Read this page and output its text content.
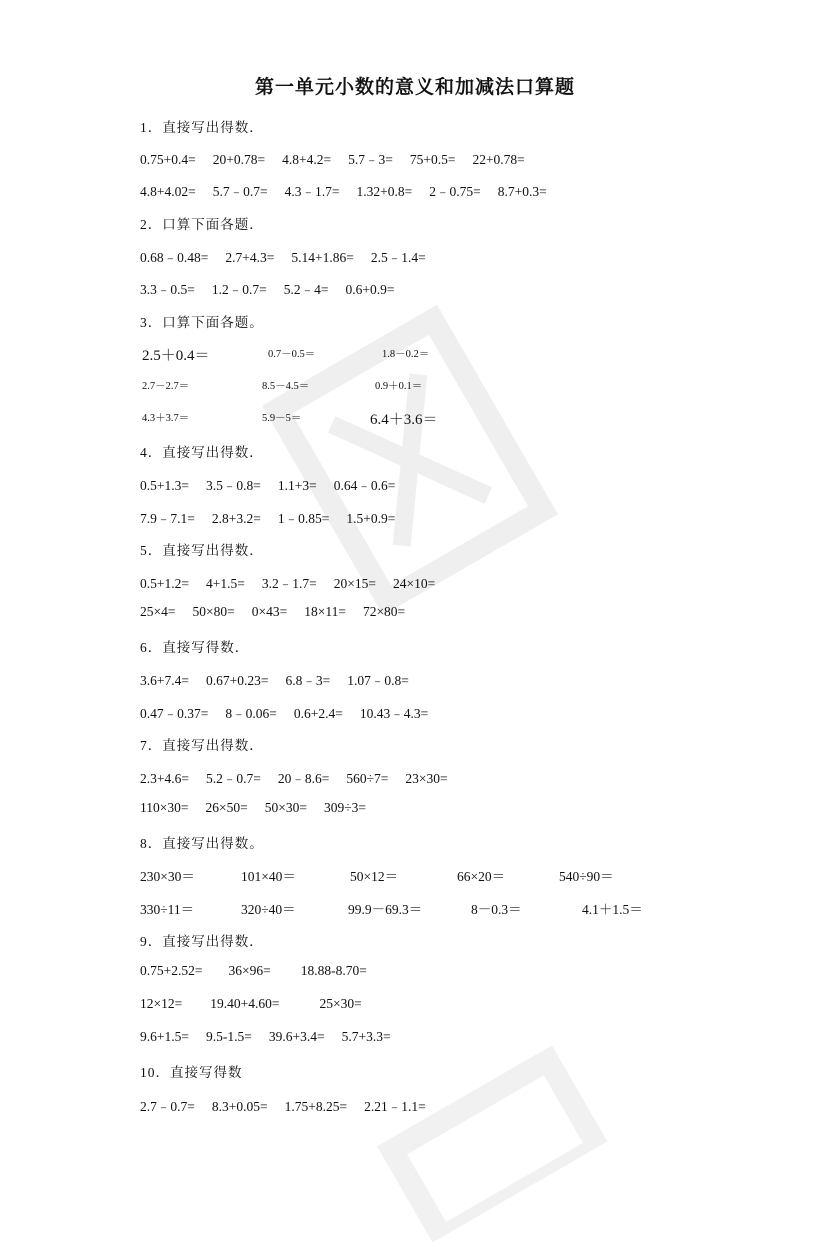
第一单元小数的意义和加减法口算题
1．直接写出得数．
0.75+0.4= 20+0.78= 4.8+4.2= 5.7﹣3= 75+0.5= 22+0.78=
4.8+4.02= 5.7﹣0.7= 4.3﹣1.7= 1.32+0.8= 2﹣0.75= 8.7+0.3=
2．口算下面各题．
0.68﹣0.48= 2.7+4.3= 5.14+1.86= 2.5﹣1.4=
3.3﹣0.5= 1.2﹣0.7= 5.2﹣4= 0.6+0.9=
3．口算下面各题。
2.5＋0.4＝	0.7－0.5＝	1.8－0.2＝
2.7－2.7＝	8.5－4.5＝	0.9＋0.1＝
4.3＋3.7＝	5.9－5＝	6.4＋3.6＝
4．直接写出得数．
0.5+1.3= 3.5﹣0.8= 1.1+3= 0.64﹣0.6=
7.9﹣7.1= 2.8+3.2= 1﹣0.85= 1.5+0.9=
5．直接写出得数．
0.5+1.2= 4+1.5= 3.2﹣1.7= 20×15= 24×10=
25×4= 50×80= 0×43= 18×11= 72×80=
6．直接写得数．
3.6+7.4= 0.67+0.23= 6.8﹣3= 1.07﹣0.8=
0.47﹣0.37= 8﹣0.06= 0.6+2.4= 10.43﹣4.3=
7．直接写出得数．
2.3+4.6= 5.2﹣0.7= 20﹣8.6= 560÷7= 23×30=
110×30= 26×50= 50×30= 309÷3=
8．直接写出得数。
230×30＝	101×40＝	50×12＝	66×20＝	540÷90＝
330÷11＝	320÷40＝	99.9－69.3＝	8－0.3＝	4.1＋1.5＝
9．直接写出得数．
0.75+2.52= 36×96= 18.88-8.70=
12×12= 19.40+4.60=	25×30=
9.6+1.5= 9.5-1.5= 39.6+3.4= 5.7+3.3=
10．直接写得数
2.7﹣0.7= 8.3+0.05= 1.75+8.25= 2.21﹣1.1=
